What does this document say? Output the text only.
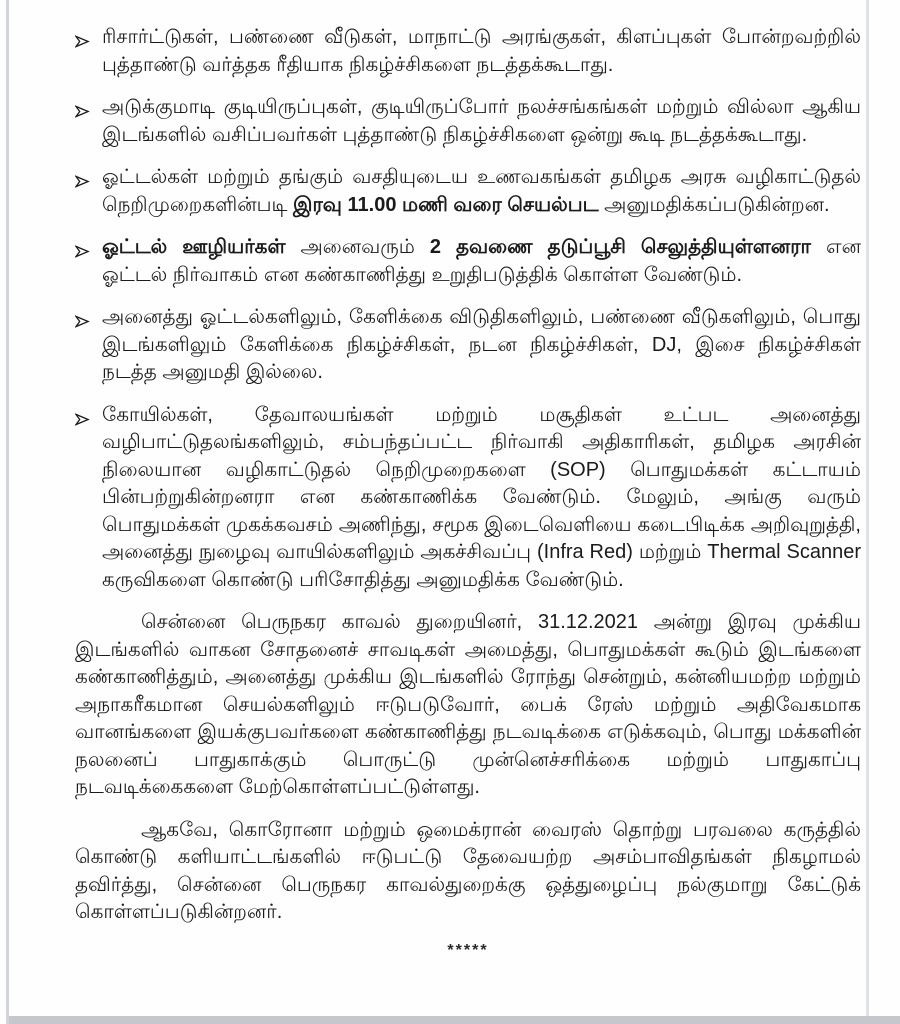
ரிசார்ட்டுகள், பண்ணை வீடுகள், மாநாட்டு அரங்குகள், கிளப்புகள் போன்றவற்றில் புத்தாண்டு வர்த்தக ரீதியாக நிகழ்ச்சிகளை நடத்தக்கூடாது.
அடுக்குமாடி குடியிருப்புகள், குடியிருப்போர் நலச்சங்கங்கள் மற்றும் வில்லா ஆகிய இடங்களில் வசிப்பவர்கள் புத்தாண்டு நிகழ்ச்சிகளை ஒன்று கூடி நடத்தக்கூடாது.
ஓட்டல்கள் மற்றும் தங்கும் வசதியுடைய உணவகங்கள் தமிழக அரசு வழிகாட்டுதல் நெறிமுறைகளின்படி இரவு 11.00 மணி வரை செயல்பட அனுமதிக்கப்படுகின்றன.
ஓட்டல் ஊழியர்கள் அனைவரும் 2 தவணை தடுப்பூசி செலுத்தியுள்ளனரா என ஓட்டல் நிர்வாகம் என கண்காணித்து உறுதிபடுத்திக் கொள்ள வேண்டும்.
அனைத்து ஓட்டல்களிலும், கேளிக்கை விடுதிகளிலும், பண்ணை வீடுகளிலும், பொது இடங்களிலும் கேளிக்கை நிகழ்ச்சிகள், நடன நிகழ்ச்சிகள், DJ, இசை நிகழ்ச்சிகள் நடத்த அனுமதி இல்லை.
கோயில்கள், தேவாலயங்கள் மற்றும் மசூதிகள் உட்பட அனைத்து வழிபாட்டுதலங்களிலும், சம்பந்தப்பட்ட நிர்வாகி அதிகாரிகள், தமிழக அரசின் நிலையான வழிகாட்டுதல் நெறிமுறைகளை (SOP) பொதுமக்கள் கட்டாயம் பின்பற்றுகின்றனரா என கண்காணிக்க வேண்டும். மேலும், அங்கு வரும் பொதுமக்கள் முகக்கவசம் அணிந்து, சமூக இடைவெளியை கடைபிடிக்க அறிவுறுத்தி, அனைத்து நுழைவு வாயில்களிலும் அகச்சிவப்பு (Infra Red) மற்றும் Thermal Scanner கருவிகளை கொண்டு பரிசோதித்து அனுமதிக்க வேண்டும்.

சென்னை பெருநகர காவல் துறையினர், 31.12.2021 அன்று இரவு முக்கிய இடங்களில் வாகன சோதனைச் சாவடிகள் அமைத்து, பொதுமக்கள் கூடும் இடங்களை கண்காணித்தும், அனைத்து முக்கிய இடங்களில் ரோந்து சென்றும், கன்னியமற்ற மற்றும் அநாகரீகமான செயல்களிலும் ஈடுபடுவோர், பைக் ரேஸ் மற்றும் அதிவேகமாக வானங்களை இயக்குபவர்களை கண்காணித்து நடவடிக்கை எடுக்கவும், பொது மக்களின் நலனைப் பாதுகாக்கும் பொருட்டு முன்னெச்சரிக்கை மற்றும் பாதுகாப்பு நடவடிக்கைகளை மேற்கொள்ளப்பட்டுள்ளது.

ஆகவே, கொரோனா மற்றும் ஒமைக்ரான் வைரஸ் தொற்று பரவலை கருத்தில் கொண்டு களியாட்டங்களில் ஈடுபட்டு தேவையற்ற அசம்பாவிதங்கள் நிகழாமல் தவிர்த்து, சென்னை பெருநகர காவல்துறைக்கு ஒத்துழைப்பு நல்குமாறு கேட்டுக் கொள்ளப்படுகின்றனர்.

*****
